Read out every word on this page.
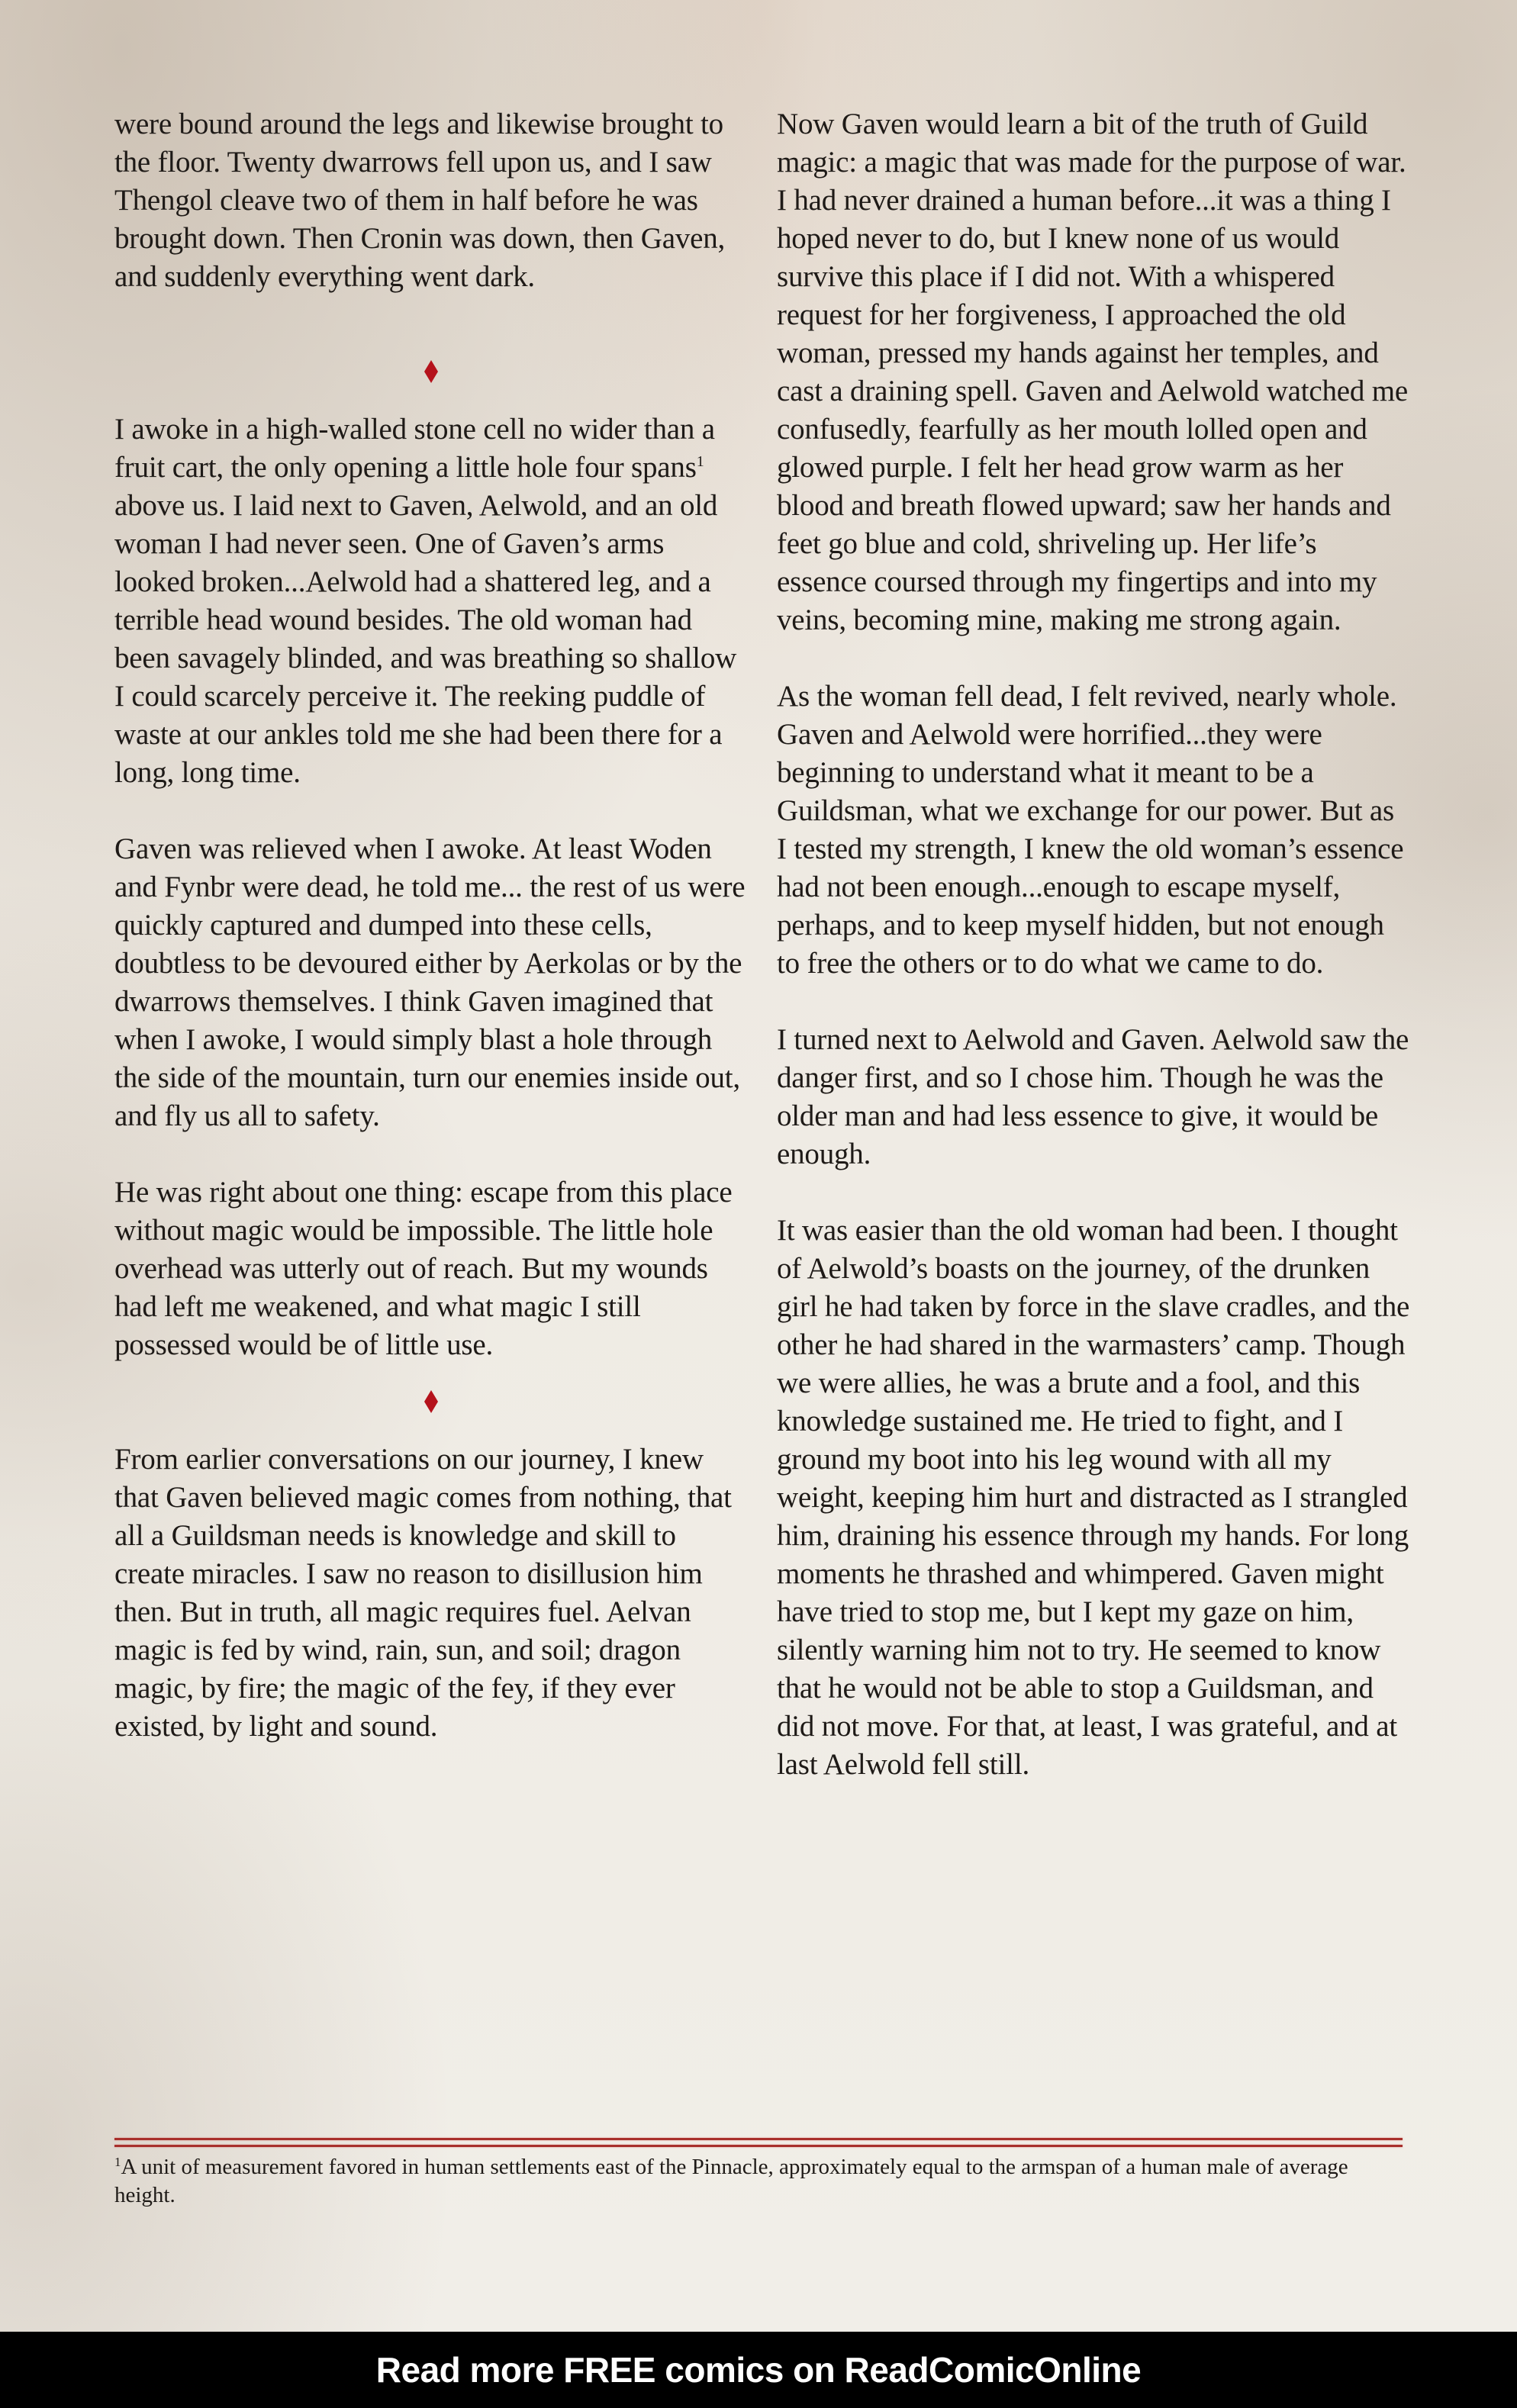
were bound around the legs and likewise brought to the floor. Twenty dwarrows fell upon us, and I saw Thengol cleave two of them in half before he was brought down. Then Cronin was down, then Gaven, and suddenly everything went dark.

I awoke in a high-walled stone cell no wider than a fruit cart, the only opening a little hole four spans$^1$ above us. I laid next to Gaven, Aelwold, and an old woman I had never seen. One of Gaven’s arms looked broken...Aelwold had a shattered leg, and a terrible head wound besides. The old woman had been savagely blinded, and was breathing so shallow I could scarcely perceive it. The reeking puddle of waste at our ankles told me she had been there for a long, long time.

Gaven was relieved when I awoke. At least Woden and Fynbr were dead, he told me... the rest of us were quickly captured and dumped into these cells, doubtless to be devoured either by Aerkolas or by the dwarrows themselves. I think Gaven imagined that when I awoke, I would simply blast a hole through the side of the mountain, turn our enemies inside out, and fly us all to safety.

He was right about one thing: escape from this place without magic would be impossible. The little hole overhead was utterly out of reach. But my wounds had left me weakened, and what magic I still possessed would be of little use.

From earlier conversations on our journey, I knew that Gaven believed magic comes from nothing, that all a Guildsman needs is knowledge and skill to create miracles. I saw no reason to disillusion him then. But in truth, all magic requires fuel. Aelvan magic is fed by wind, rain, sun, and soil; dragon magic, by fire; the magic of the fey, if they ever existed, by light and sound.

Now Gaven would learn a bit of the truth of Guild magic: a magic that was made for the purpose of war. I had never drained a human before...it was a thing I hoped never to do, but I knew none of us would survive this place if I did not. With a whispered request for her forgiveness, I approached the old woman, pressed my hands against her temples, and cast a draining spell. Gaven and Aelwold watched me confusedly, fearfully as her mouth lolled open and glowed purple. I felt her head grow warm as her blood and breath flowed upward; saw her hands and feet go blue and cold, shriveling up. Her life’s essence coursed through my fingertips and into my veins, becoming mine, making me strong again.

As the woman fell dead, I felt revived, nearly whole. Gaven and Aelwold were horrified...they were beginning to understand what it meant to be a Guildsman, what we exchange for our power. But as I tested my strength, I knew the old woman’s essence had not been enough...enough to escape myself, perhaps, and to keep myself hidden, but not enough to free the others or to do what we came to do.

I turned next to Aelwold and Gaven. Aelwold saw the danger first, and so I chose him. Though he was the older man and had less essence to give, it would be enough.

It was easier than the old woman had been. I thought of Aelwold’s boasts on the journey, of the drunken girl he had taken by force in the slave cradles, and the other he had shared in the warmasters’ camp. Though we were allies, he was a brute and a fool, and this knowledge sustained me. He tried to fight, and I ground my boot into his leg wound with all my weight, keeping him hurt and distracted as I strangled him, draining his essence through my hands. For long moments he thrashed and whimpered. Gaven might have tried to stop me, but I kept my gaze on him, silently warning him not to try. He seemed to know that he would not be able to stop a Guildsman, and did not move. For that, at least, I was grateful, and at last Aelwold fell still.

$^1$A unit of measurement favored in human settlements east of the Pinnacle, approximately equal to the armspan of a human male of average height.
Read more FREE comics on ReadComicOnline
